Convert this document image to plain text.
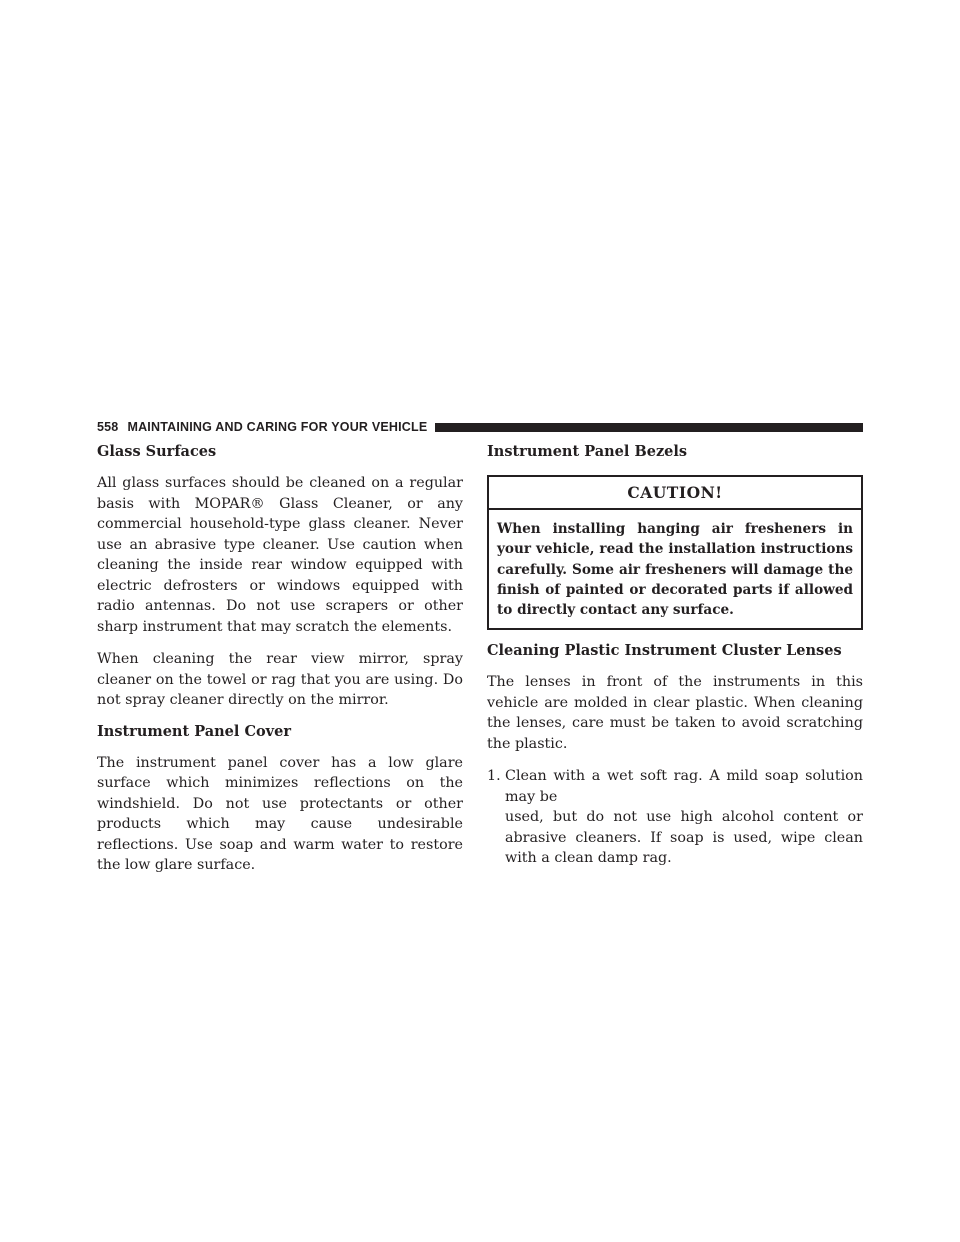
558 MAINTAINING AND CARING FOR YOUR VEHICLE
Glass Surfaces

All glass surfaces should be cleaned on a regular basis with MOPAR® Glass Cleaner, or any commercial household-type glass cleaner. Never use an abrasive type cleaner. Use caution when cleaning the inside rear window equipped with electric defrosters or windows equipped with radio antennas. Do not use scrapers or other sharp instrument that may scratch the elements.

When cleaning the rear view mirror, spray cleaner on the towel or rag that you are using. Do not spray cleaner directly on the mirror.

Instrument Panel Cover

The instrument panel cover has a low glare surface which minimizes reflections on the windshield. Do not use protectants or other products which may cause undesirable reflections. Use soap and warm water to restore the low glare surface.

Instrument Panel Bezels
CAUTION!
When installing hanging air fresheners in your vehicle, read the installation instructions carefully. Some air fresheners will damage the finish of painted or decorated parts if allowed to directly contact any surface.
Cleaning Plastic Instrument Cluster Lenses

The lenses in front of the instruments in this vehicle are molded in clear plastic. When cleaning the lenses, care must be taken to avoid scratching the plastic.

1. Clean with a wet soft rag. A mild soap solution may be

used, but do not use high alcohol content or abrasive cleaners. If soap is used, wipe clean with a clean damp rag.
